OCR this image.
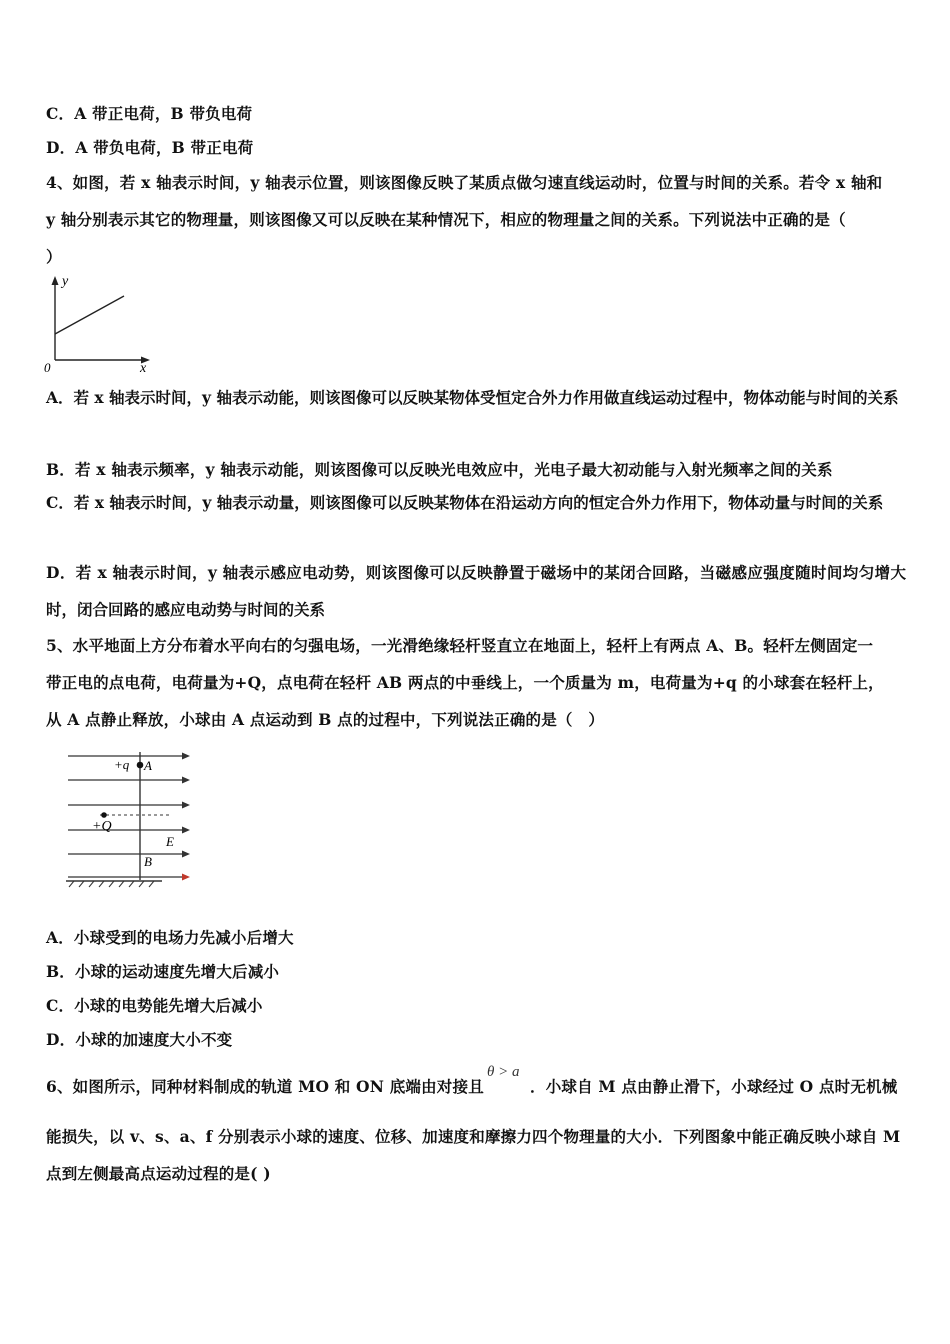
C．A 带正电荷，B 带负电荷
D．A 带负电荷，B 带正电荷
4、如图，若 x 轴表示时间，y 轴表示位置，则该图像反映了某质点做匀速直线运动时，位置与时间的关系。若令 x 轴和
y 轴分别表示其它的物理量，则该图像又可以反映在某种情况下，相应的物理量之间的关系。下列说法中正确的是（
）
y
x
0
A．若 x 轴表示时间，y 轴表示动能，则该图像可以反映某物体受恒定合外力作用做直线运动过程中，物体动能与时间的关系
B．若 x 轴表示频率，y 轴表示动能，则该图像可以反映光电效应中，光电子最大初动能与入射光频率之间的关系
C．若 x 轴表示时间，y 轴表示动量，则该图像可以反映某物体在沿运动方向的恒定合外力作用下，物体动量与时间的关系
D．若 x 轴表示时间，y 轴表示感应电动势，则该图像可以反映静置于磁场中的某闭合回路，当磁感应强度随时间均匀增大时，闭合回路的感应电动势与时间的关系
5、水平地面上方分布着水平向右的匀强电场，一光滑绝缘轻杆竖直立在地面上，轻杆上有两点 A、B。轻杆左侧固定一
带正电的点电荷，电荷量为+Q，点电荷在轻杆 AB 两点的中垂线上，一个质量为 m，电荷量为+q 的小球套在轻杆上，
从 A 点静止释放，小球由 A 点运动到 B 点的过程中，下列说法正确的是（　）
+q A
+Q
E
B
A．小球受到的电场力先减小后增大
B．小球的运动速度先增大后减小
C．小球的电势能先增大后减小
D．小球的加速度大小不变
6、如图所示，同种材料制成的轨道 MO 和 ON 底端由对接且
θ > a
．小球自 M 点由静止滑下，小球经过 O 点时无机械
能损失，以 v、s、a、f 分别表示小球的速度、位移、加速度和摩擦力四个物理量的大小．下列图象中能正确反映小球自 M
点到左侧最高点运动过程的是( )
